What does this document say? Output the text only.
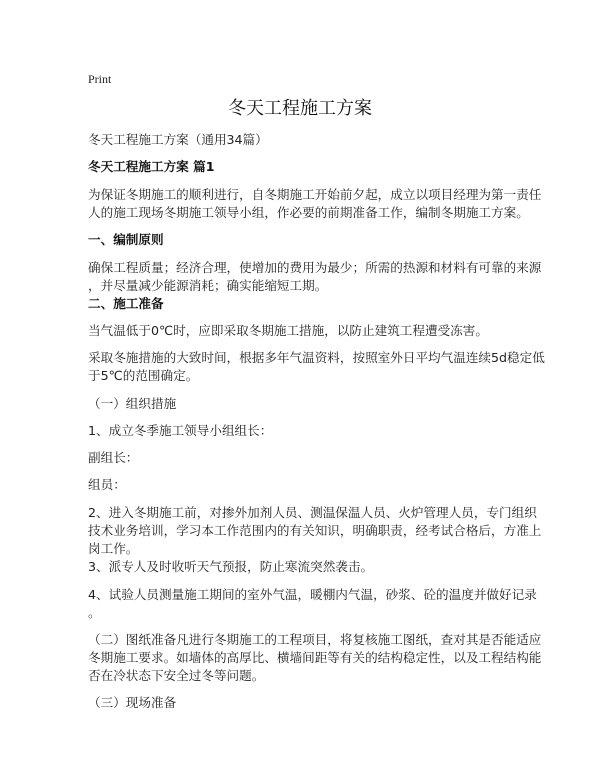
Print
冬天工程施工方案
冬天工程施工方案（通用34篇）
冬天工程施工方案 篇1
为保证冬期施工的顺利进行，自冬期施工开始前夕起，成立以项目经理为第一责任
人的施工现场冬期施工领导小组，作必要的前期准备工作，编制冬期施工方案。
一、编制原则
确保工程质量；经济合理，使增加的费用为最少；所需的热源和材料有可靠的来源
，并尽量减少能源消耗；确实能缩短工期。
二、施工准备
当气温低于0℃时，应即采取冬期施工措施，以防止建筑工程遭受冻害。
采取冬施措施的大致时间，根据多年气温资料，按照室外日平均气温连续5d稳定低
于5℃的范围确定。
（一）组织措施
1、成立冬季施工领导小组组长：
副组长：
组员：
2、进入冬期施工前，对掺外加剂人员、测温保温人员、火炉管理人员，专门组织
技术业务培训，学习本工作范围内的有关知识，明确职责，经考试合格后，方准上
岗工作。
3、派专人及时收听天气预报，防止寒流突然袭击。
4、试验人员测量施工期间的室外气温，暖棚内气温，砂浆、砼的温度并做好记录
。
（二）图纸准备凡进行冬期施工的工程项目，将复核施工图纸，查对其是否能适应
冬期施工要求。如墙体的高厚比、横墙间距等有关的结构稳定性，以及工程结构能
否在冷状态下安全过冬等问题。
（三）现场准备
